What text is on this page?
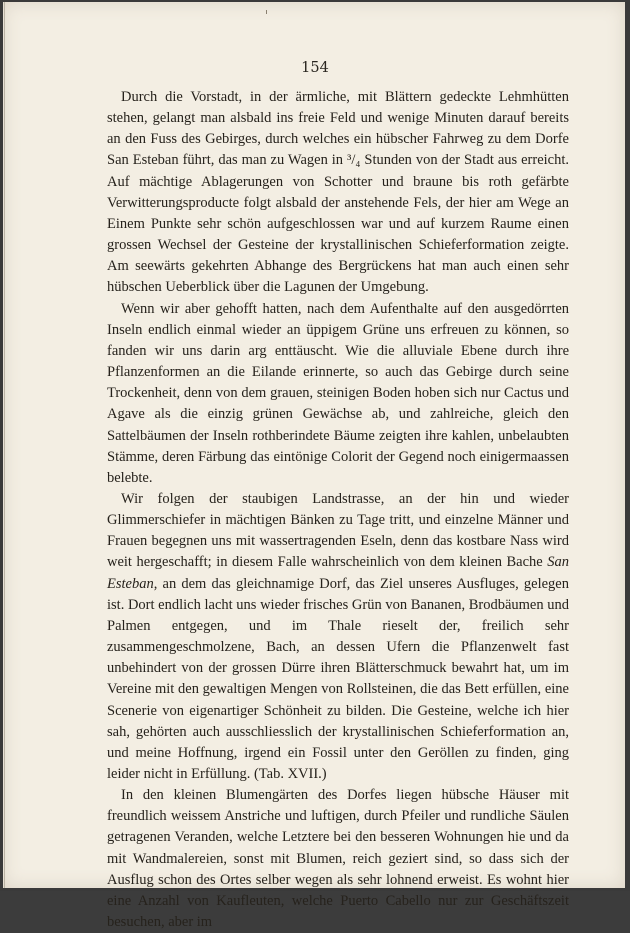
154

Durch die Vorstadt, in der ärmliche, mit Blättern gedeckte Lehmhütten stehen, gelangt man alsbald ins freie Feld und wenige Minuten darauf bereits an den Fuss des Gebirges, durch welches ein hübscher Fahrweg zu dem Dorfe San Esteban führt, das man zu Wagen in ³/₄ Stunden von der Stadt aus erreicht. Auf mächtige Ablagerungen von Schotter und braune bis roth gefärbte Verwitterungsproducte folgt alsbald der anstehende Fels, der hier am Wege an Einem Punkte sehr schön aufgeschlossen war und auf kurzem Raume einen grossen Wechsel der Gesteine der krystallinischen Schieferformation zeigte. Am seewärts gekehrten Abhange des Bergrückens hat man auch einen sehr hübschen Ueberblick über die Lagunen der Umgebung.

Wenn wir aber gehofft hatten, nach dem Aufenthalte auf den ausgedörrten Inseln endlich einmal wieder an üppigem Grüne uns erfreuen zu können, so fanden wir uns darin arg enttäuscht. Wie die alluviale Ebene durch ihre Pflanzenformen an die Eilande erinnerte, so auch das Gebirge durch seine Trockenheit, denn von dem grauen, steinigen Boden hoben sich nur Cactus und Agave als die einzig grünen Gewächse ab, und zahlreiche, gleich den Sattelbäumen der Inseln rothberindete Bäume zeigten ihre kahlen, unbelaubten Stämme, deren Färbung das eintönige Colorit der Gegend noch einigermaassen belebte.

Wir folgen der staubigen Landstrasse, an der hin und wieder Glimmerschiefer in mächtigen Bänken zu Tage tritt, und einzelne Männer und Frauen begegnen uns mit wassertragenden Eseln, denn das kostbare Nass wird weit hergeschafft; in diesem Falle wahrscheinlich von dem kleinen Bache San Esteban, an dem das gleichnamige Dorf, das Ziel unseres Ausfluges, gelegen ist. Dort endlich lacht uns wieder frisches Grün von Bananen, Brodbäumen und Palmen entgegen, und im Thale rieselt der, freilich sehr zusammengeschmolzene, Bach, an dessen Ufern die Pflanzenwelt fast unbehindert von der grossen Dürre ihren Blätterschmuck bewahrt hat, um im Vereine mit den gewaltigen Mengen von Rollsteinen, die das Bett erfüllen, eine Scenerie von eigenartiger Schönheit zu bilden. Die Gesteine, welche ich hier sah, gehörten auch ausschliesslich der krystallinischen Schieferformation an, und meine Hoffnung, irgend ein Fossil unter den Geröllen zu finden, ging leider nicht in Erfüllung. (Tab. XVII.)

In den kleinen Blumengärten des Dorfes liegen hübsche Häuser mit freundlich weissem Anstriche und luftigen, durch Pfeiler und rundliche Säulen getragenen Veranden, welche Letztere bei den besseren Wohnungen hie und da mit Wandmalereien, sonst mit Blumen, reich geziert sind, so dass sich der Ausflug schon des Ortes selber wegen als sehr lohnend erweist. Es wohnt hier eine Anzahl von Kaufleuten, welche Puerto Cabello nur zur Geschäftszeit besuchen, aber im
